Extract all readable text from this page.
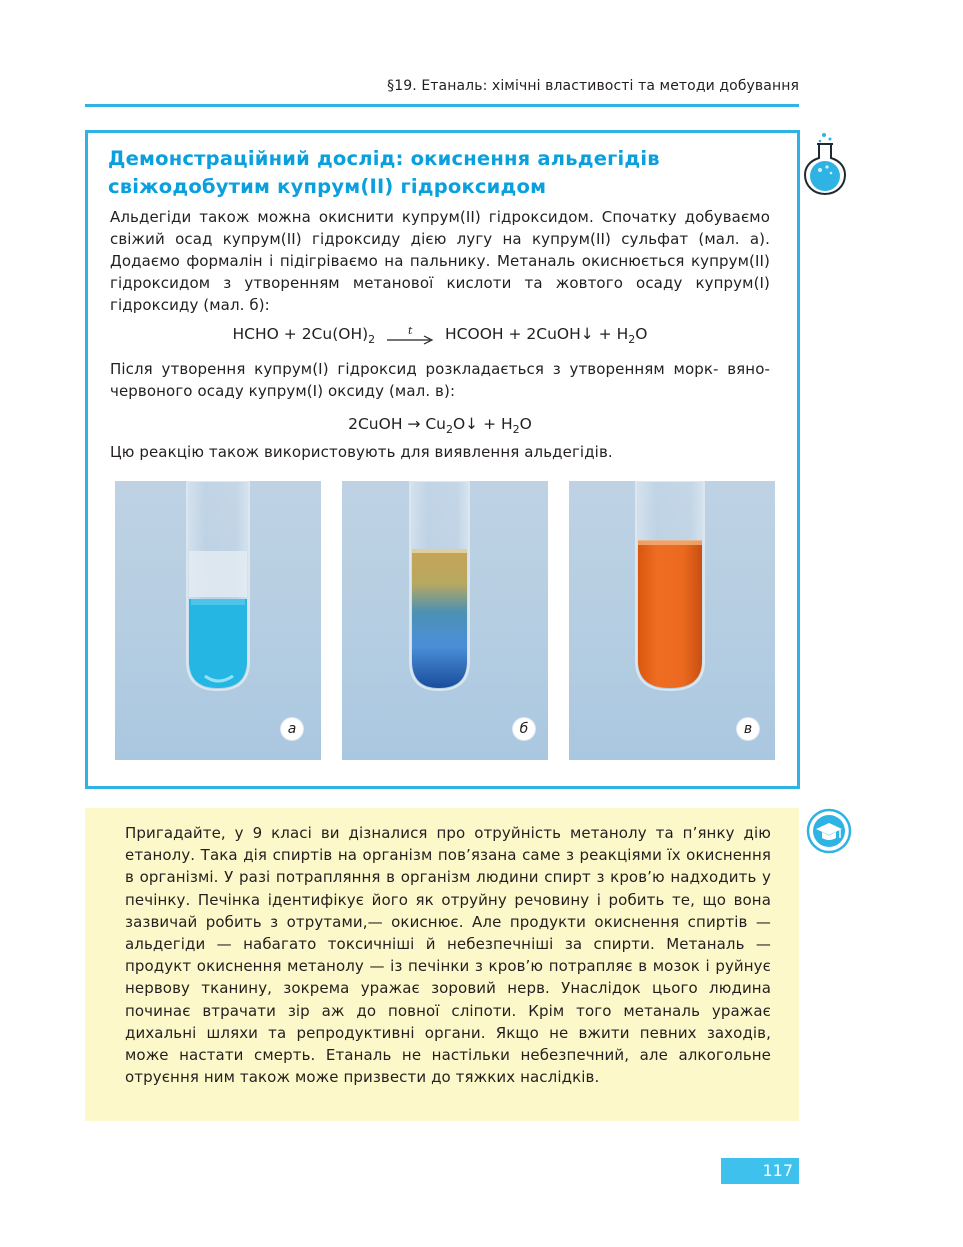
§19. Етаналь: хімічні властивості та методи добування
Демонстраційний дослід: окиснення альдегідів
свіжодобутим купрум(ІІ) гідроксидом
Альдегіди також можна окиснити купрум(ІІ) гідроксидом. Спочатку добуваємо свіжий осад купрум(ІІ) гідроксиду дією лугу на купрум(ІІ) сульфат (мал. а). Додаємо формалін і підігріваємо на пальнику. Метаналь окиснюється купрум(ІІ) гідроксидом з утворенням метанової кислоти та жовтого осаду купрум(І) гідроксиду (мал. б):
HCHO + $2Cu(OH)_2$
t HCOOH + 2CuOH↓ + $H_2O$
Після утворення купрум(І) гідроксид розкладається з утворенням морк- вяно-червоного осаду купрум(І) оксиду (мал. в):
2CuOH → $Cu_2O↓ + H_2O$
Цю реакцію також використовують для виявлення альдегідів.
а	б	в
Пригадайте, у 9 класі ви дізналися про отруйність метанолу та п’янку дію етанолу. Така дія спиртів на організм пов’язана саме з реакціями їх окиснення в організмі. У разі потрапляння в організм людини спирт з кров’ю надходить у печінку. Печінка ідентифікує його як отруйну речовину і робить те, що вона зазвичай робить з отрутами,— окиснює. Але продукти окиснення спиртів — альдегіди — набагато токсичніші й небезпечніші за спирти. Метаналь — продукт окиснення метанолу — із печінки з кров’ю потрапляє в мозок і руйнує нервову тканину, зокрема уражає зоровий нерв. Унаслідок цього людина починає втрачати зір аж до повної сліпоти. Крім того метаналь уражає дихальні шляхи та репродуктивні органи. Якщо не вжити певних заходів, може настати смерть. Етаналь не настільки небезпечний, але алкогольне отруєння ним також може призвести до тяжких наслідків.
117
